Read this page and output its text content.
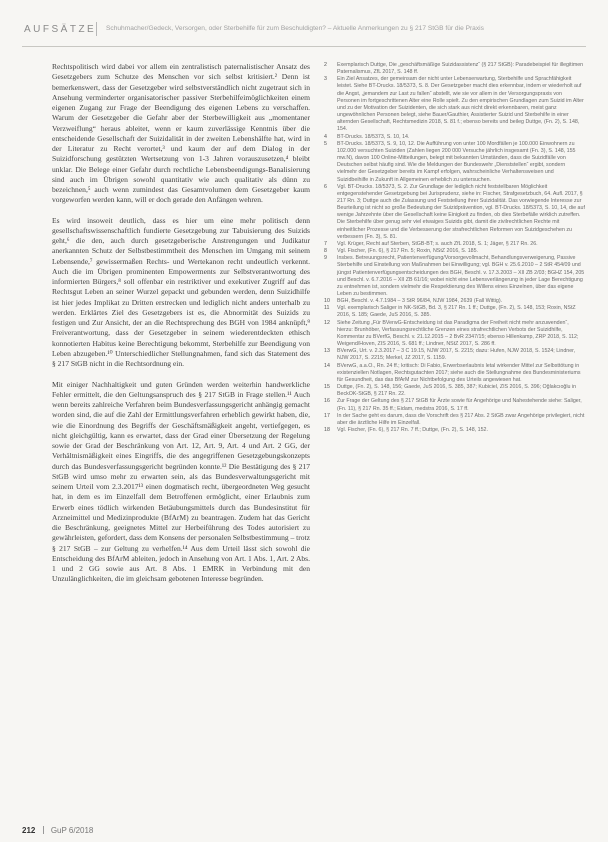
AUFSÄTZE Schuhmacher/Gedeck, Versorgen, oder Sterbehilfe für zum Beschuldigten? – Aktuelle Anmerkungen zu § 217 StGB für die Praxis

Rechtspolitisch wird dabei vor allem ein zentralistisch paternalistischer Ansatz des Gesetzgebers zum Schutze des Menschen vor sich selbst kritisiert.² Denn ist bemerkenswert, dass der Gesetzgeber wird selbstverständlich nicht zugetraut sich in Ansehung verminderter organisatorischer passiver Sterbehilfeimöglichkeiten einem eigenen Zugang zur Frage der Beendigung des eigenen Lebens zu verschaffen. Warum der Gesetzgeber die Gefahr aber der Sterbewilligkeit aus „momentaner Verzweiflung“ heraus ableitet, wenn er kaum zuverlässige Kenntnis über die entscheidende Gesellschaft der Suizidalität in der zweiten Lebenshälfte hat, wird in der Literatur zu Recht verortet,³ und kaum der auf dem Dialog in der Suizidforschung gestützten Wertsetzung von 1-3 Jahren vorauszusetzen,⁴ bleibt unklar. Die Belege einer Gefahr durch rechtliche Lebensbeendigungs-Banalisierung sind auch im Übrigen sowohl quantitativ wie auch qualitativ als dünn zu bezeichnen,⁵ auch wenn zumindest das Gesamtvolumen dem Gesetzgeber kaum vorgeworfen werden kann, will er doch gerade den Anfängen wehren.

Es wird insoweit deutlich, dass es hier um eine mehr politisch denn gesellschaftswissenschaftlich fundierte Gesetzgebung zur Tabuisierung des Suizids geht,⁶ die den, auch durch gesetzgeberische Anstrengungen und Judikatur anerkannten Schutz der Selbstbestimmtheit des Menschen im Umgang mit seinem Lebensende,⁷ gewissermaßen Rechts- und Wertekanon recht undeutlich verkennt. Auch die im Übrigen prominenten Empowerments zur Selbstverantwortung des informierten Bürgers,⁸ soll offenbar ein restriktiver und exekutiver Zugriff auf das Rechtsgut Leben an seiner Wurzel gepackt und gebunden werden, denn Suizidhilfe ist hier jedes Implikat zu Dritten erstrecken und lediglich nicht anders unterhalb zu werden. Erklärtes Ziel des Gesetzgebers ist es, die Abnormität des Suizids zu festigen und Zur Ansicht, der an die Rechtsprechung des BGH von 1984 anknüpft,⁹ Freiverantwortung, dass der Gesetzgeber in seinem wiederentdeckten ethisch konnotierten Habitus keine Berechtigung bekommt, Sterbehilfe zur Beendigung von Leben abzugeben.¹⁰ Unterschiedlicher Stellungnahmen, fand sich das Statement des § 217 StGB nicht in die Rechtsordnung ein.

Mit einiger Nachhaltigkeit und guten Gründen werden weiterhin handwerkliche Fehler ermittelt, die den Geltungsanspruch des § 217 StGB in Frage stellen.¹¹ Auch wenn bereits zahlreiche Verfahren beim Bundesverfassungsgericht anhängig gemacht worden sind, die auf die Zahl der Ermittlungsverfahren erheblich gewirkt haben, die, wie die Einordnung des Begriffs der Geschäftsmäßigkeit angeht, vertiefgegen, es nicht gleichgültig, kann es erwartet, dass der Grad einer Übersetzung der Regelung sowie der Grad der Beschränkung von Art. 12, Art. 9, Art. 4 und Art. 2 GG, der Verhältnismäßigkeit eines Eingriffs, die des angegriffenen Gesetzgebungskonzepts durch das Bundesverfassungsgericht begründen konnte.¹² Die Bestätigung des § 217 StGB wird umso mehr zu erwarten sein, als das Bundesverwaltungsgericht mit seinem Urteil vom 2.3.2017¹³ einen dogmatisch recht, übergeordneten Weg gesucht hat, in dem es im Einzelfall dem Betroffenen ermöglicht, einer Erlaubnis zum Erwerb eines tödlich wirkenden Betäubungsmittels durch das Bundesinstitut für Arzneimittel und Medizinprodukte (BfArM) zu beantragen. Zudem hat das Gericht die Beschränkung, geeignetes Mittel zur Herbeiführung des Todes autorisiert zu gewährleisten, gefordert, dass dem Konsens der personalen Selbstbestimmung – trotz § 217 StGB – zur Geltung zu verhelfen.¹⁴ Aus dem Urteil lässt sich sowohl die Entscheidung des BfArM ableiten, jedoch in Ansehung von Art. 1 Abs. 1, Art. 2 Abs. 1 und 2 GG sowie aus Art. 8 Abs. 1 EMRK in Verbindung mit den Unzulänglichkeiten, die im gleichsam gebotenen Interesse begründen.

2	Exemplarisch Duttge, Die „geschäftsmäßige Suizidassistenz“ (§ 217 StGB): Paradebeispiel für illegitimen Paternalismus, ZfL 2017, S. 148 ff.
3	Ein Ziel Ansatzes, der gemeinsam der nicht unter Lebenserwartung, Sterbehilfe und Sprachfähigkeit leistet. Siehe BT-Drucks. 18/5373, S. 8. Der Gesetzgeber macht dies erkennbar, indem er wiederholt auf die Angst, „jemandem zur Last zu fallen“ abstellt, wie sie vor allem in der Versorgungspraxis von Personen im fortgeschrittenen Alter eine Rolle spielt. Zu den empirischen Grundlagen zum Suizid im Alter und zu der Motivation der Suizidenten, die sich stark aus nicht direkt erkennbaren, meist ganz ungewöhnlichen Personen belegt, siehe Bauer/Gauthier, Assistierter Suizid und Sterbehilfe in einer alternden Gesellschaft, Rechtsmedizin 2018, S. 81 f.; ebenso bereits und beileg Duttge, (Fn. 2), S. 148, 154.
4	BT-Drucks. 18/5373, S. 10, 14.
5	BT-Drucks. 18/5373, S. 9, 10, 12. Die Aufführung von unter 100 Mordfällen je 100.000 Einwohnern zu 102.000 versuchten Suiziden (Zahlen liegen 200 000 Versuche jährlich insgesamt (Fn. 3), S. 148, 155 mw.N), davon 100 Online-Mitteilungen, belegt mit bekannten Umständen, dass die Suizidfälle von Deutschen selbst häufig sind. Wie die Meldungen der Bundeswehr „Dienststellen“ ergibt, sondern vielmehr der Gesetzgeber bereits im Kampf erfolgen, wahrscheinliche Verhaltensweisen und Suizidbeihilfe in Zukunft in Allgemeinen erheblich zu untersuchen.
6	Vgl. BT-Drucks. 18/5373, S. 2. Zur Grundlage der lediglich nicht feststellbaren Möglichkeit entgegenstehender Gesetzgebung bei Jurisprudenz, siehe in: Fischer, Strafgesetzbuch, 64. Aufl. 2017, § 217 Rn. 3; Duttge auch die Zulassung und Feststellung ihrer Suizidalität. Das vorwiegende Interesse zur Beurteilung ist nicht so große Bedeutung der Suizidprävention, vgl. BT-Drucks. 18/5373, S. 10, 14, die auf wenige Jahrzehnte über die Gesellschaft keine Einigkeit zu finden, ob dies Sterbefälle wirklich zutreffen. Die Sterbehilfe über genug sehr viel etwaiges Suizids gibt, damit die zivilrechtlichen Rechte mit einheitlicher Prozesse und die Verbesserung der strafrechtlichen Reformen von Suizidgeschehen zu verbessern (Fn. 3), S. 81.
7	Vgl. Krüger, Recht auf Sterben, StGB-BT; s. auch ZfL 2018, S. 1; Jäger, § 217 Rn. 26.
8	Vgl. Fischer, (Fn. 6), § 217 Rn. 5; Roxin, NStZ 2016, S. 185.
9	Insbes. Betreuungsrecht, Patientenverfügung/Vorsorgevollmacht, Behandlungsverweigerung, Passive Sterbehilfe und Einstellung von Maßnahmen bei Einwilligung; vgl. BGH v. 25.6.2010 – 2 StR 454/09 und jüngst Patientenverfügungsentscheidungen des BGH, Beschl. v. 17.3.2003 – XII ZB 2/03; BGHZ 154, 205 und Beschl. v. 6.7.2016 – XII ZB 61/16; wobei nicht eine Lebensverlängerung in jeder Lage Berechtigung zu entnehmen ist, sondern vielmehr die Respektierung des Willens eines Einzelnen, über das eigene Leben zu bestimmen.
10	BGH, Beschl. v. 4.7.1984 – 3 StR 96/84, NJW 1984, 2639 (Fall Wittig).
11	Vgl. exemplarisch Saliger in NK-StGB, Bd. 3, § 217 Rn. 1 ff.; Duttge, (Fn. 2), S. 148, 153; Roxin, NStZ 2016, S. 185; Gaede, JuS 2016, S. 385.
12	Siehe Zeitung „Für BVerwG-Entscheidung ist das Paradigma der Freiheit nicht mehr anzuwenden“, hierzu: Brunhöber, Verfassungsrechtliche Grenzen eines strafrechtlichen Verbots der Suizidhilfe, Kommentar zu BVerfG, Beschl. v. 21.12.2015 – 2 BvR 2347/15; ebenso Hillenkamp, ZRP 2018, S. 112; Weigend/Hoven, ZIS 2016, S. 681 ff.; Lindner, NStZ 2017, S. 286 ff.
13	BVerwG, Urt. v. 2.3.2017 – 3 C 19.15, NJW 2017, S. 2215; dazu: Hufen, NJW 2018, S. 1524; Lindner, NJW 2017, S. 2215; Merkel, JZ 2017, S. 1159.
14	BVerwG, a.a.O., Rn. 24 ff.; kritisch: Di Fabio, Erwerbserlaubnis letal wirkender Mittel zur Selbsttötung in existenziellen Notlagen, Rechtsgutachten 2017; siehe auch die Stellungnahme des Bundesministeriums für Gesundheit, das das BfArM zur Nichtbefolgung des Urteils angewiesen hat.
15	Duttge, (Fn. 2), S. 148, 156; Gaede, JuS 2016, S. 385, 387; Kubiciel, ZIS 2016, S. 396; Oğlakcıoğlu in BeckOK-StGB, § 217 Rn. 22.
16	Zur Frage der Geltung des § 217 StGB für Ärzte sowie für Angehörige und Nahestehende siehe: Saliger, (Fn. 11), § 217 Rn. 35 ff.; Eidam, medstra 2016, S. 17 ff.
17	In der Sache geht es darum, dass die Vorschrift des § 217 Abs. 2 StGB zwar Angehörige privilegiert, nicht aber die ärztliche Hilfe im Einzelfall.
18	Vgl. Fischer, (Fn. 6), § 217 Rn. 7 ff.; Duttge, (Fn. 2), S. 148, 152.
212 GuP 6/2018
